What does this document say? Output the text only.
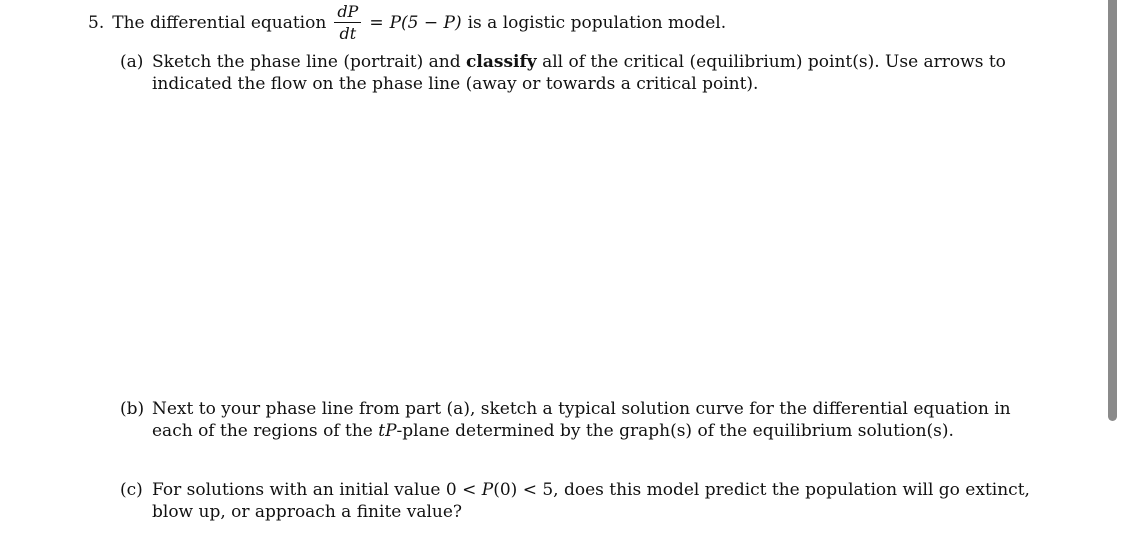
5. The differential equation $\frac{dP}{dt} = P(5 - P)$ is a logistic population model.
(a) Sketch the phase line (portrait) and classify all of the critical (equilibrium) point(s). Use arrows to indicated the flow on the phase line (away or towards a critical point).
(b) Next to your phase line from part (a), sketch a typical solution curve for the differential equation in each of the regions of the tP-plane determined by the graph(s) of the equilibrium solution(s).
(c) For solutions with an initial value 0 < P(0) < 5, does this model predict the population will go extinct, blow up, or approach a finite value?
